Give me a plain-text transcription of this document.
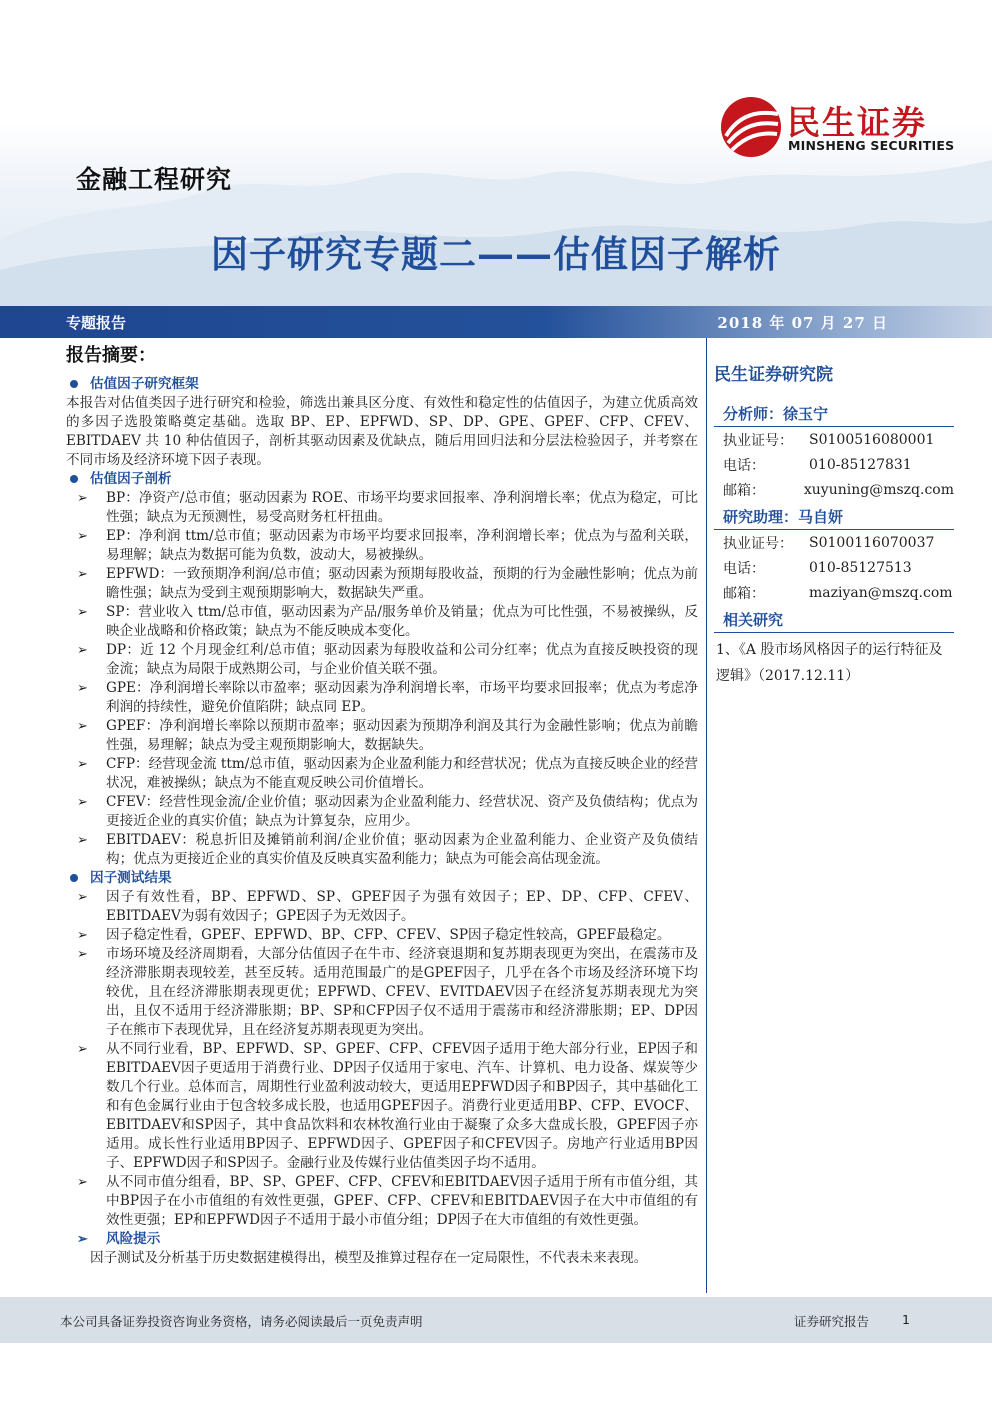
民生证券
MINSHENG SECURITIES
金融工程研究
因子研究专题二——估值因子解析
专题报告	2018 年 07 月 27 日
报告摘要：
估值因子研究框架
本报告对估值类因子进行研究和检验，筛选出兼具区分度、有效性和稳定性的估值因子，为建立优质高效的多因子选股策略奠定基础。选取 BP、EP、EPFWD、SP、DP、GPE、GPEF、CFP、CFEV、EBITDAEV 共 10 种估值因子，剖析其驱动因素及优缺点，随后用回归法和分层法检验因子，并考察在不同市场及经济环境下因子表现。
估值因子剖析
➢ BP：净资产/总市值；驱动因素为 ROE、市场平均要求回报率、净利润增长率；优点为稳定，可比性强；缺点为无预测性，易受高财务杠杆扭曲。
➢ EP：净利润 ttm/总市值；驱动因素为市场平均要求回报率，净利润增长率；优点为与盈利关联，易理解；缺点为数据可能为负数，波动大，易被操纵。
➢ EPFWD：一致预期净利润/总市值；驱动因素为预期每股收益，预期的行为金融性影响；优点为前瞻性强；缺点为受到主观预期影响大，数据缺失严重。
➢ SP：营业收入 ttm/总市值，驱动因素为产品/服务单价及销量；优点为可比性强，不易被操纵，反映企业战略和价格政策；缺点为不能反映成本变化。
➢ DP：近 12 个月现金红利/总市值；驱动因素为每股收益和公司分红率；优点为直接反映投资的现金流；缺点为局限于成熟期公司，与企业价值关联不强。
➢ GPE：净利润增长率除以市盈率；驱动因素为净利润增长率，市场平均要求回报率；优点为考虑净利润的持续性，避免价值陷阱；缺点同 EP。
➢ GPEF：净利润增长率除以预期市盈率；驱动因素为预期净利润及其行为金融性影响；优点为前瞻性强，易理解；缺点为受主观预期影响大，数据缺失。
➢ CFP：经营现金流 ttm/总市值，驱动因素为企业盈利能力和经营状况；优点为直接反映企业的经营状况，难被操纵；缺点为不能直观反映公司价值增长。
➢ CFEV：经营性现金流/企业价值；驱动因素为企业盈利能力、经营状况、资产及负债结构；优点为更接近企业的真实价值；缺点为计算复杂，应用少。
➢ EBITDAEV：税息折旧及摊销前利润/企业价值；驱动因素为企业盈利能力、企业资产及负债结构；优点为更接近企业的真实价值及反映真实盈利能力；缺点为可能会高估现金流。
因子测试结果
➢ 因子有效性看，BP、EPFWD、SP、GPEF因子为强有效因子；EP、DP、CFP、CFEV、EBITDAEV为弱有效因子；GPE因子为无效因子。
➢ 因子稳定性看，GPEF、EPFWD、BP、CFP、CFEV、SP因子稳定性较高，GPEF最稳定。
➢ 市场环境及经济周期看，大部分估值因子在牛市、经济衰退期和复苏期表现更为突出，在震荡市及经济滞胀期表现较差，甚至反转。适用范围最广的是GPEF因子，几乎在各个市场及经济环境下均较优，且在经济滞胀期表现更优；EPFWD、CFEV、EVITDAEV因子在经济复苏期表现尤为突出，且仅不适用于经济滞胀期；BP、SP和CFP因子仅不适用于震荡市和经济滞胀期；EP、DP因子在熊市下表现优异，且在经济复苏期表现更为突出。
➢ 从不同行业看，BP、EPFWD、SP、GPEF、CFP、CFEV因子适用于绝大部分行业，EP因子和EBITDAEV因子更适用于消费行业、DP因子仅适用于家电、汽车、计算机、电力设备、煤炭等少数几个行业。总体而言，周期性行业盈利波动较大，更适用EPFWD因子和BP因子，其中基础化工和有色金属行业由于包含较多成长股，也适用GPEF因子。消费行业更适用BP、CFP、EVOCF、EBITDAEV和SP因子，其中食品饮料和农林牧渔行业由于凝聚了众多大盘成长股，GPEF因子亦适用。成长性行业适用BP因子、EPFWD因子、GPEF因子和CFEV因子。房地产行业适用BP因子、EPFWD因子和SP因子。金融行业及传媒行业估值类因子均不适用。
➢ 从不同市值分组看，BP、SP、GPEF、CFP、CFEV和EBITDAEV因子适用于所有市值分组，其中BP因子在小市值组的有效性更强，GPEF、CFP、CFEV和EBITDAEV因子在大中市值组的有效性更强；EP和EPFWD因子不适用于最小市值分组；DP因子在大市值组的有效性更强。
➢ 风险提示
因子测试及分析基于历史数据建模得出，模型及推算过程存在一定局限性，不代表未来表现。
民生证券研究院
分析师：徐玉宁
执业证号：	S0100516080001
电话：	010-85127831
邮箱：	xuyuning@mszq.com
研究助理：马自妍
执业证号：	S0100116070037
电话：	010-85127513
邮箱：	maziyan@mszq.com
相关研究
1、《A 股市场风格因子的运行特征及逻辑》（2017.12.11）
本公司具备证券投资咨询业务资格，请务必阅读最后一页免责声明	证券研究报告	1
